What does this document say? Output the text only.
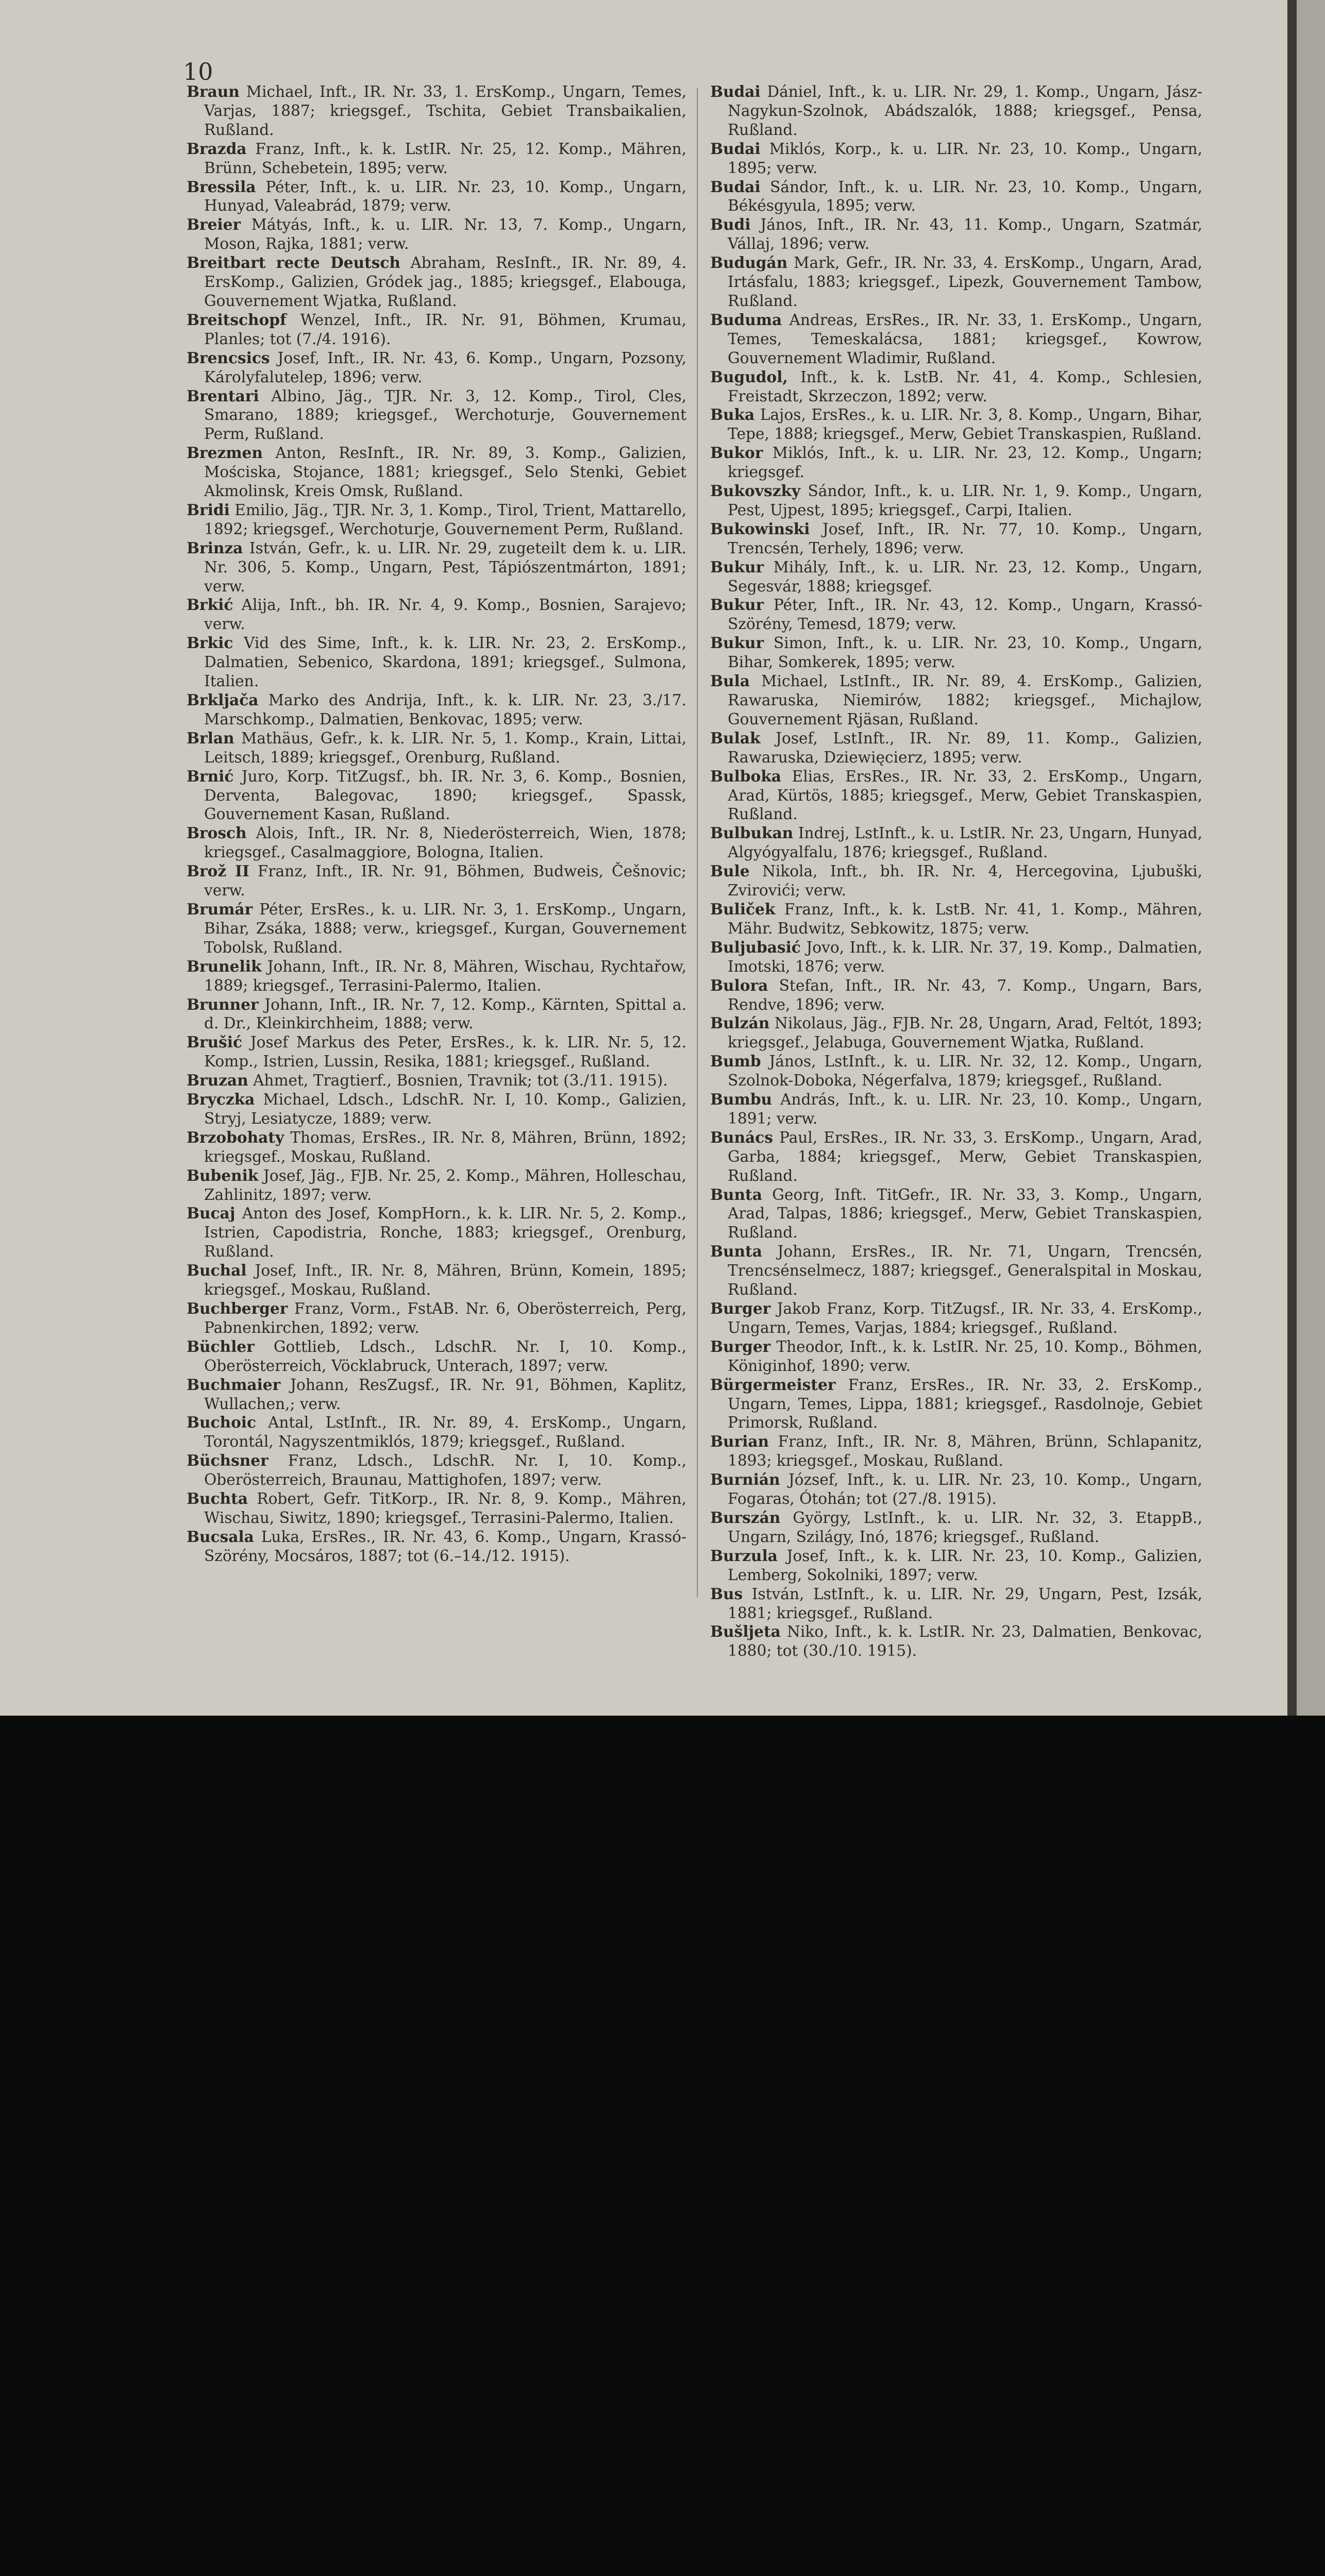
10

Braun Michael, Inft., IR. Nr. 33, 1. ErsKomp., Ungarn, Temes, Varjas, 1887; kriegsgef., Tschita, Gebiet Transbaikalien, Rußland.

Brazda Franz, Inft., k. k. LstIR. Nr. 25, 12. Komp., Mähren, Brünn, Schebetein, 1895; verw.

Bressila Péter, Inft., k. u. LIR. Nr. 23, 10. Komp., Ungarn, Hunyad, Valeabrád, 1879; verw.

Breier Mátyás, Inft., k. u. LIR. Nr. 13, 7. Komp., Ungarn, Moson, Rajka, 1881; verw.

Breitbart recte Deutsch Abraham, ResInft., IR. Nr. 89, 4. ErsKomp., Galizien, Gródek jag., 1885; kriegsgef., Elabouga, Gouvernement Wjatka, Rußland.

Breitschopf Wenzel, Inft., IR. Nr. 91, Böhmen, Krumau, Planles; tot (7./4. 1916).

Brencsics Josef, Inft., IR. Nr. 43, 6. Komp., Ungarn, Pozsony, Károlyfalutelep, 1896; verw.

Brentari Albino, Jäg., TJR. Nr. 3, 12. Komp., Tirol, Cles, Smarano, 1889; kriegsgef., Werchoturje, Gouvernement Perm, Rußland.

Brezmen Anton, ResInft., IR. Nr. 89, 3. Komp., Galizien, Mościska, Stojance, 1881; kriegsgef., Selo Stenki, Gebiet Akmolinsk, Kreis Omsk, Rußland.

Bridi Emilio, Jäg., TJR. Nr. 3, 1. Komp., Tirol, Trient, Mattarello, 1892; kriegsgef., Werchoturje, Gouvernement Perm, Rußland.

Brinza István, Gefr., k. u. LIR. Nr. 29, zugeteilt dem k. u. LIR. Nr. 306, 5. Komp., Ungarn, Pest, Tápiószentmárton, 1891; verw.

Brkić Alija, Inft., bh. IR. Nr. 4, 9. Komp., Bosnien, Sarajevo; verw.

Brkic Vid des Sime, Inft., k. k. LIR. Nr. 23, 2. ErsKomp., Dalmatien, Sebenico, Skardona, 1891; kriegsgef., Sulmona, Italien.

Brkljača Marko des Andrija, Inft., k. k. LIR. Nr. 23, 3./17. Marschkomp., Dalmatien, Benkovac, 1895; verw.

Brlan Mathäus, Gefr., k. k. LIR. Nr. 5, 1. Komp., Krain, Littai, Leitsch, 1889; kriegsgef., Orenburg, Rußland.

Brnić Juro, Korp. TitZugsf., bh. IR. Nr. 3, 6. Komp., Bosnien, Derventa, Balegovac, 1890; kriegsgef., Spassk, Gouvernement Kasan, Rußland.

Brosch Alois, Inft., IR. Nr. 8, Niederösterreich, Wien, 1878; kriegsgef., Casalmaggiore, Bologna, Italien.

Brož II Franz, Inft., IR. Nr. 91, Böhmen, Budweis, Češnovic; verw.

Brumár Péter, ErsRes., k. u. LIR. Nr. 3, 1. ErsKomp., Ungarn, Bihar, Zsáka, 1888; verw., kriegsgef., Kurgan, Gouvernement Tobolsk, Rußland.

Brunelik Johann, Inft., IR. Nr. 8, Mähren, Wischau, Rychtařow, 1889; kriegsgef., Terrasini-Palermo, Italien.

Brunner Johann, Inft., IR. Nr. 7, 12. Komp., Kärnten, Spittal a. d. Dr., Kleinkirchheim, 1888; verw.

Brušić Josef Markus des Peter, ErsRes., k. k. LIR. Nr. 5, 12. Komp., Istrien, Lussin, Resika, 1881; kriegsgef., Rußland.

Bruzan Ahmet, Tragtierf., Bosnien, Travnik; tot (3./11. 1915).

Bryczka Michael, Ldsch., LdschR. Nr. I, 10. Komp., Galizien, Stryj, Lesiatycze, 1889; verw.

Brzobohaty Thomas, ErsRes., IR. Nr. 8, Mähren, Brünn, 1892; kriegsgef., Moskau, Rußland.

Bubenik Josef, Jäg., FJB. Nr. 25, 2. Komp., Mähren, Holleschau, Zahlinitz, 1897; verw.

Bucaj Anton des Josef, KompHorn., k. k. LIR. Nr. 5, 2. Komp., Istrien, Capodistria, Ronche, 1883; kriegsgef., Orenburg, Rußland.

Buchal Josef, Inft., IR. Nr. 8, Mähren, Brünn, Komein, 1895; kriegsgef., Moskau, Rußland.

Buchberger Franz, Vorm., FstAB. Nr. 6, Oberösterreich, Perg, Pabnenkirchen, 1892; verw.

Büchler Gottlieb, Ldsch., LdschR. Nr. I, 10. Komp., Oberösterreich, Vöcklabruck, Unterach, 1897; verw.

Buchmaier Johann, ResZugsf., IR. Nr. 91, Böhmen, Kaplitz, Wullachen,; verw.

Buchoic Antal, LstInft., IR. Nr. 89, 4. ErsKomp., Ungarn, Torontál, Nagyszentmiklós, 1879; kriegsgef., Rußland.

Büchsner Franz, Ldsch., LdschR. Nr. I, 10. Komp., Oberösterreich, Braunau, Mattighofen, 1897; verw.

Buchta Robert, Gefr. TitKorp., IR. Nr. 8, 9. Komp., Mähren, Wischau, Siwitz, 1890; kriegsgef., Terrasini-Palermo, Italien.

Bucsala Luka, ErsRes., IR. Nr. 43, 6. Komp., Ungarn, Krassó-Szörény, Mocsáros, 1887; tot (6.–14./12. 1915).

Budai Dániel, Inft., k. u. LIR. Nr. 29, 1. Komp., Ungarn, Jász-Nagykun-Szolnok, Abádszalók, 1888; kriegsgef., Pensa, Rußland.

Budai Miklós, Korp., k. u. LIR. Nr. 23, 10. Komp., Ungarn, 1895; verw.

Budai Sándor, Inft., k. u. LIR. Nr. 23, 10. Komp., Ungarn, Békésgyula, 1895; verw.

Budi János, Inft., IR. Nr. 43, 11. Komp., Ungarn, Szatmár, Vállaj, 1896; verw.

Budugán Mark, Gefr., IR. Nr. 33, 4. ErsKomp., Ungarn, Arad, Irtásfalu, 1883; kriegsgef., Lipezk, Gouvernement Tambow, Rußland.

Buduma Andreas, ErsRes., IR. Nr. 33, 1. ErsKomp., Ungarn, Temes, Temeskalácsa, 1881; kriegsgef., Kowrow, Gouvernement Wladimir, Rußland.

Bugudol, Inft., k. k. LstB. Nr. 41, 4. Komp., Schlesien, Freistadt, Skrzeczon, 1892; verw.

Buka Lajos, ErsRes., k. u. LIR. Nr. 3, 8. Komp., Ungarn, Bihar, Tepe, 1888; kriegsgef., Merw, Gebiet Transkaspien, Rußland.

Bukor Miklós, Inft., k. u. LIR. Nr. 23, 12. Komp., Ungarn; kriegsgef.

Bukovszky Sándor, Inft., k. u. LIR. Nr. 1, 9. Komp., Ungarn, Pest, Ujpest, 1895; kriegsgef., Carpi, Italien.

Bukowinski Josef, Inft., IR. Nr. 77, 10. Komp., Ungarn, Trencsén, Terhely, 1896; verw.

Bukur Mihály, Inft., k. u. LIR. Nr. 23, 12. Komp., Ungarn, Segesvár, 1888; kriegsgef.

Bukur Péter, Inft., IR. Nr. 43, 12. Komp., Ungarn, Krassó-Szörény, Temesd, 1879; verw.

Bukur Simon, Inft., k. u. LIR. Nr. 23, 10. Komp., Ungarn, Bihar, Somkerek, 1895; verw.

Bula Michael, LstInft., IR. Nr. 89, 4. ErsKomp., Galizien, Rawaruska, Niemirów, 1882; kriegsgef., Michajlow, Gouvernement Rjäsan, Rußland.

Bulak Josef, LstInft., IR. Nr. 89, 11. Komp., Galizien, Rawaruska, Dziewięcierz, 1895; verw.

Bulboka Elias, ErsRes., IR. Nr. 33, 2. ErsKomp., Ungarn, Arad, Kürtös, 1885; kriegsgef., Merw, Gebiet Transkaspien, Rußland.

Bulbukan Indrej, LstInft., k. u. LstIR. Nr. 23, Ungarn, Hunyad, Algyógyalfalu, 1876; kriegsgef., Rußland.

Bule Nikola, Inft., bh. IR. Nr. 4, Hercegovina, Ljubuški, Zvirovići; verw.

Buliček Franz, Inft., k. k. LstB. Nr. 41, 1. Komp., Mähren, Mähr. Budwitz, Sebkowitz, 1875; verw.

Buljubasić Jovo, Inft., k. k. LIR. Nr. 37, 19. Komp., Dalmatien, Imotski, 1876; verw.

Bulora Stefan, Inft., IR. Nr. 43, 7. Komp., Ungarn, Bars, Rendve, 1896; verw.

Bulzán Nikolaus, Jäg., FJB. Nr. 28, Ungarn, Arad, Feltót, 1893; kriegsgef., Jelabuga, Gouvernement Wjatka, Rußland.

Bumb János, LstInft., k. u. LIR. Nr. 32, 12. Komp., Ungarn, Szolnok-Doboka, Négerfalva, 1879; kriegsgef., Rußland.

Bumbu András, Inft., k. u. LIR. Nr. 23, 10. Komp., Ungarn, 1891; verw.

Bunács Paul, ErsRes., IR. Nr. 33, 3. ErsKomp., Ungarn, Arad, Garba, 1884; kriegsgef., Merw, Gebiet Transkaspien, Rußland.

Bunta Georg, Inft. TitGefr., IR. Nr. 33, 3. Komp., Ungarn, Arad, Talpas, 1886; kriegsgef., Merw, Gebiet Transkaspien, Rußland.

Bunta Johann, ErsRes., IR. Nr. 71, Ungarn, Trencsén, Trencsénselmecz, 1887; kriegsgef., Generalspital in Moskau, Rußland.

Burger Jakob Franz, Korp. TitZugsf., IR. Nr. 33, 4. ErsKomp., Ungarn, Temes, Varjas, 1884; kriegsgef., Rußland.

Burger Theodor, Inft., k. k. LstIR. Nr. 25, 10. Komp., Böhmen, Königinhof, 1890; verw.

Bürgermeister Franz, ErsRes., IR. Nr. 33, 2. ErsKomp., Ungarn, Temes, Lippa, 1881; kriegsgef., Rasdolnoje, Gebiet Primorsk, Rußland.

Burian Franz, Inft., IR. Nr. 8, Mähren, Brünn, Schlapanitz, 1893; kriegsgef., Moskau, Rußland.

Burnián József, Inft., k. u. LIR. Nr. 23, 10. Komp., Ungarn, Fogaras, Ótohán; tot (27./8. 1915).

Burszán György, LstInft., k. u. LIR. Nr. 32, 3. EtappB., Ungarn, Szilágy, Inó, 1876; kriegsgef., Rußland.

Burzula Josef, Inft., k. k. LIR. Nr. 23, 10. Komp., Galizien, Lemberg, Sokolniki, 1897; verw.

Bus István, LstInft., k. u. LIR. Nr. 29, Ungarn, Pest, Izsák, 1881; kriegsgef., Rußland.

Bušljeta Niko, Inft., k. k. LstIR. Nr. 23, Dalmatien, Benkovac, 1880; tot (30./10. 1915).
